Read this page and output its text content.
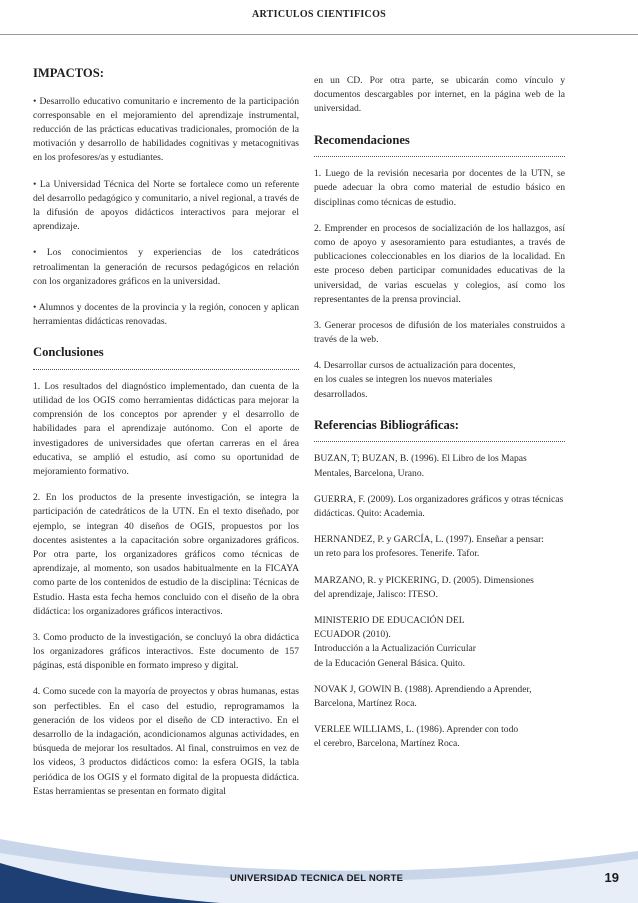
ARTICULOS CIENTIFICOS
IMPACTOS:

• Desarrollo educativo comunitario e incremento de la participación corresponsable en el mejoramiento del aprendizaje instrumental, reducción de las prácticas educativas tradicionales, promoción de la motivación y desarrollo de habilidades cognitivas y metacognitivas en los profesores/as y estudiantes.

• La Universidad Técnica del Norte se fortalece como un referente del desarrollo pedagógico y comunitario, a nivel regional, a través de la difusión de apoyos didácticos interactivos para mejorar el aprendizaje.

• Los conocimientos y experiencias de los catedráticos retroalimentan la generación de recursos pedagógicos en relación con los organizadores gráficos en la universidad.

• Alumnos y docentes de la provincia y la región, conocen y aplican herramientas didácticas renovadas.

Conclusiones

1. Los resultados del diagnóstico implementado, dan cuenta de la utilidad de los OGIS como herramientas didácticas para mejorar la comprensión de los conceptos por aprender y el desarrollo de habilidades para el aprendizaje autónomo. Con el aporte de investigadores de universidades que ofertan carreras en el área educativa, se amplió el estudio, así como su oportunidad de mejoramiento formativo.

2. En los productos de la presente investigación, se integra la participación de catedráticos de la UTN. En el texto diseñado, por ejemplo, se integran 40 diseños de OGIS, propuestos por los docentes asistentes a la capacitación sobre organizadores gráficos. Por otra parte, los organizadores gráficos como técnicas de aprendizaje, al momento, son usados habitualmente en la FICAYA como parte de los contenidos de estudio de la disciplina: Técnicas de Estudio. Hasta esta fecha hemos concluido con el diseño de la obra didáctica: los organizadores gráficos interactivos.

3. Como producto de la investigación, se concluyó la obra didáctica los organizadores gráficos interactivos. Este documento de 157 páginas, está disponible en formato impreso y digital.

4. Como sucede con la mayoría de proyectos y obras humanas, estas son perfectibles. En el caso del estudio, reprogramamos la generación de los videos por el diseño de CD interactivo. En el desarrollo de la indagación, acondicionamos algunas actividades, en búsqueda de mejorar los resultados. Al final, construimos en vez de los videos, 3 productos didácticos como: la esfera OGIS, la tabla periódica de los OGIS y el formato digital de la propuesta didáctica. Estas herramientas se presentan en formato digital

en un CD. Por otra parte, se ubicarán como vínculo y documentos descargables por internet, en la página web de la universidad.

Recomendaciones

1. Luego de la revisión necesaria por docentes de la UTN, se puede adecuar la obra como material de estudio básico en disciplinas como técnicas de estudio.

2. Emprender en procesos de socialización de los hallazgos, así como de apoyo y asesoramiento para estudiantes, a través de publicaciones coleccionables en los diarios de la localidad. En este proceso deben participar comunidades educativas de la universidad, de varias escuelas y colegios, así como los representantes de la prensa provincial.

3. Generar procesos de difusión de los materiales construidos a través de la web.

4. Desarrollar cursos de actualización para docentes,
en los cuales se integren los nuevos materiales
desarrollados.

Referencias Bibliográficas:

BUZAN, T; BUZAN, B. (1996). El Libro de los Mapas Mentales, Barcelona, Urano.

GUERRA, F. (2009). Los organizadores gráficos y otras técnicas didácticas. Quito: Academia.

HERNANDEZ, P. y GARCÍA, L. (1997). Enseñar a pensar:
un reto para los profesores. Tenerife. Tafor.

MARZANO, R. y PICKERING, D. (2005). Dimensiones
del aprendizaje, Jalisco: ITESO.

MINISTERIO DE EDUCACIÓN DEL
ECUADOR (2010).
Introducción a la Actualización Curricular
de la Educación General Básica. Quito.

NOVAK J, GOWIN B. (1988). Aprendiendo a Aprender,
Barcelona, Martínez Roca.

VERLEE WILLIAMS, L. (1986). Aprender con todo
el cerebro, Barcelona, Martínez Roca.

UNIVERSIDAD TECNICA DEL NORTE	19
